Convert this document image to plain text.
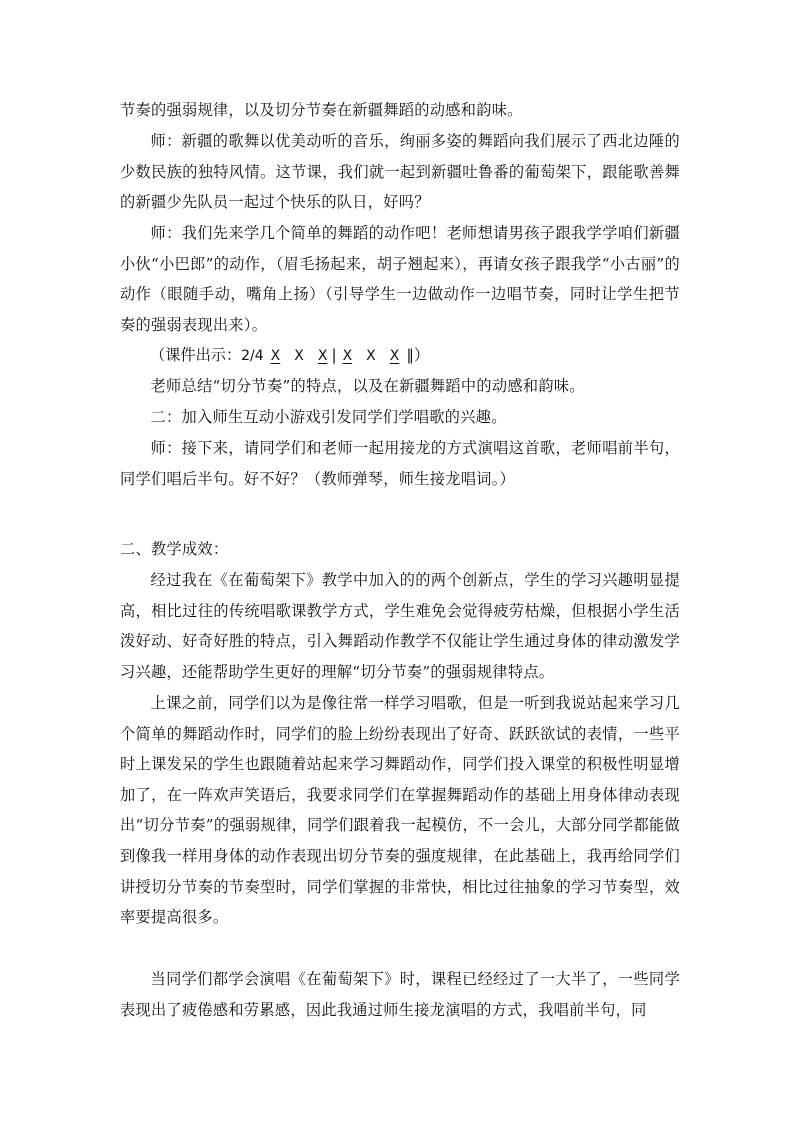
节奏的强弱规律，以及切分节奏在新疆舞蹈的动感和韵味。
师：新疆的歌舞以优美动听的音乐，绚丽多姿的舞蹈向我们展示了西北边陲的少数民族的独特风情。这节课，我们就一起到新疆吐鲁番的葡萄架下，跟能歌善舞的新疆少先队员一起过个快乐的队日，好吗？
师：我们先来学几个简单的舞蹈的动作吧！老师想请男孩子跟我学学咱们新疆小伙“小巴郎”的动作，（眉毛扬起来，胡子翘起来），再请女孩子跟我学“小古丽”的动作（眼随手动，嘴角上扬）（引导学生一边做动作一边唱节奏，同时让学生把节奏的强弱表现出来）。
（课件出示：2/4 X X X | X X X ‖）
老师总结“切分节奏”的特点，以及在新疆舞蹈中的动感和韵味。
二：加入师生互动小游戏引发同学们学唱歌的兴趣。
师：接下来，请同学们和老师一起用接龙的方式演唱这首歌，老师唱前半句，同学们唱后半句。好不好？（教师弹琴，师生接龙唱词。）
二、教学成效：
经过我在《在葡萄架下》教学中加入的的两个创新点，学生的学习兴趣明显提高，相比过往的传统唱歌课教学方式，学生难免会觉得疲劳枯燥，但根据小学生活泼好动、好奇好胜的特点，引入舞蹈动作教学不仅能让学生通过身体的律动激发学习兴趣，还能帮助学生更好的理解“切分节奏”的强弱规律特点。
上课之前，同学们以为是像往常一样学习唱歌，但是一听到我说站起来学习几个简单的舞蹈动作时，同学们的脸上纷纷表现出了好奇、跃跃欲试的表情，一些平时上课发呆的学生也跟随着站起来学习舞蹈动作，同学们投入课堂的积极性明显增加了，在一阵欢声笑语后，我要求同学们在掌握舞蹈动作的基础上用身体律动表现出“切分节奏”的强弱规律，同学们跟着我一起模仿，不一会儿，大部分同学都能做到像我一样用身体的动作表现出切分节奏的强度规律，在此基础上，我再给同学们讲授切分节奏的节奏型时，同学们掌握的非常快，相比过往抽象的学习节奏型，效率要提高很多。
当同学们都学会演唱《在葡萄架下》时，课程已经经过了一大半了，一些同学表现出了疲倦感和劳累感，因此我通过师生接龙演唱的方式，我唱前半句，同
